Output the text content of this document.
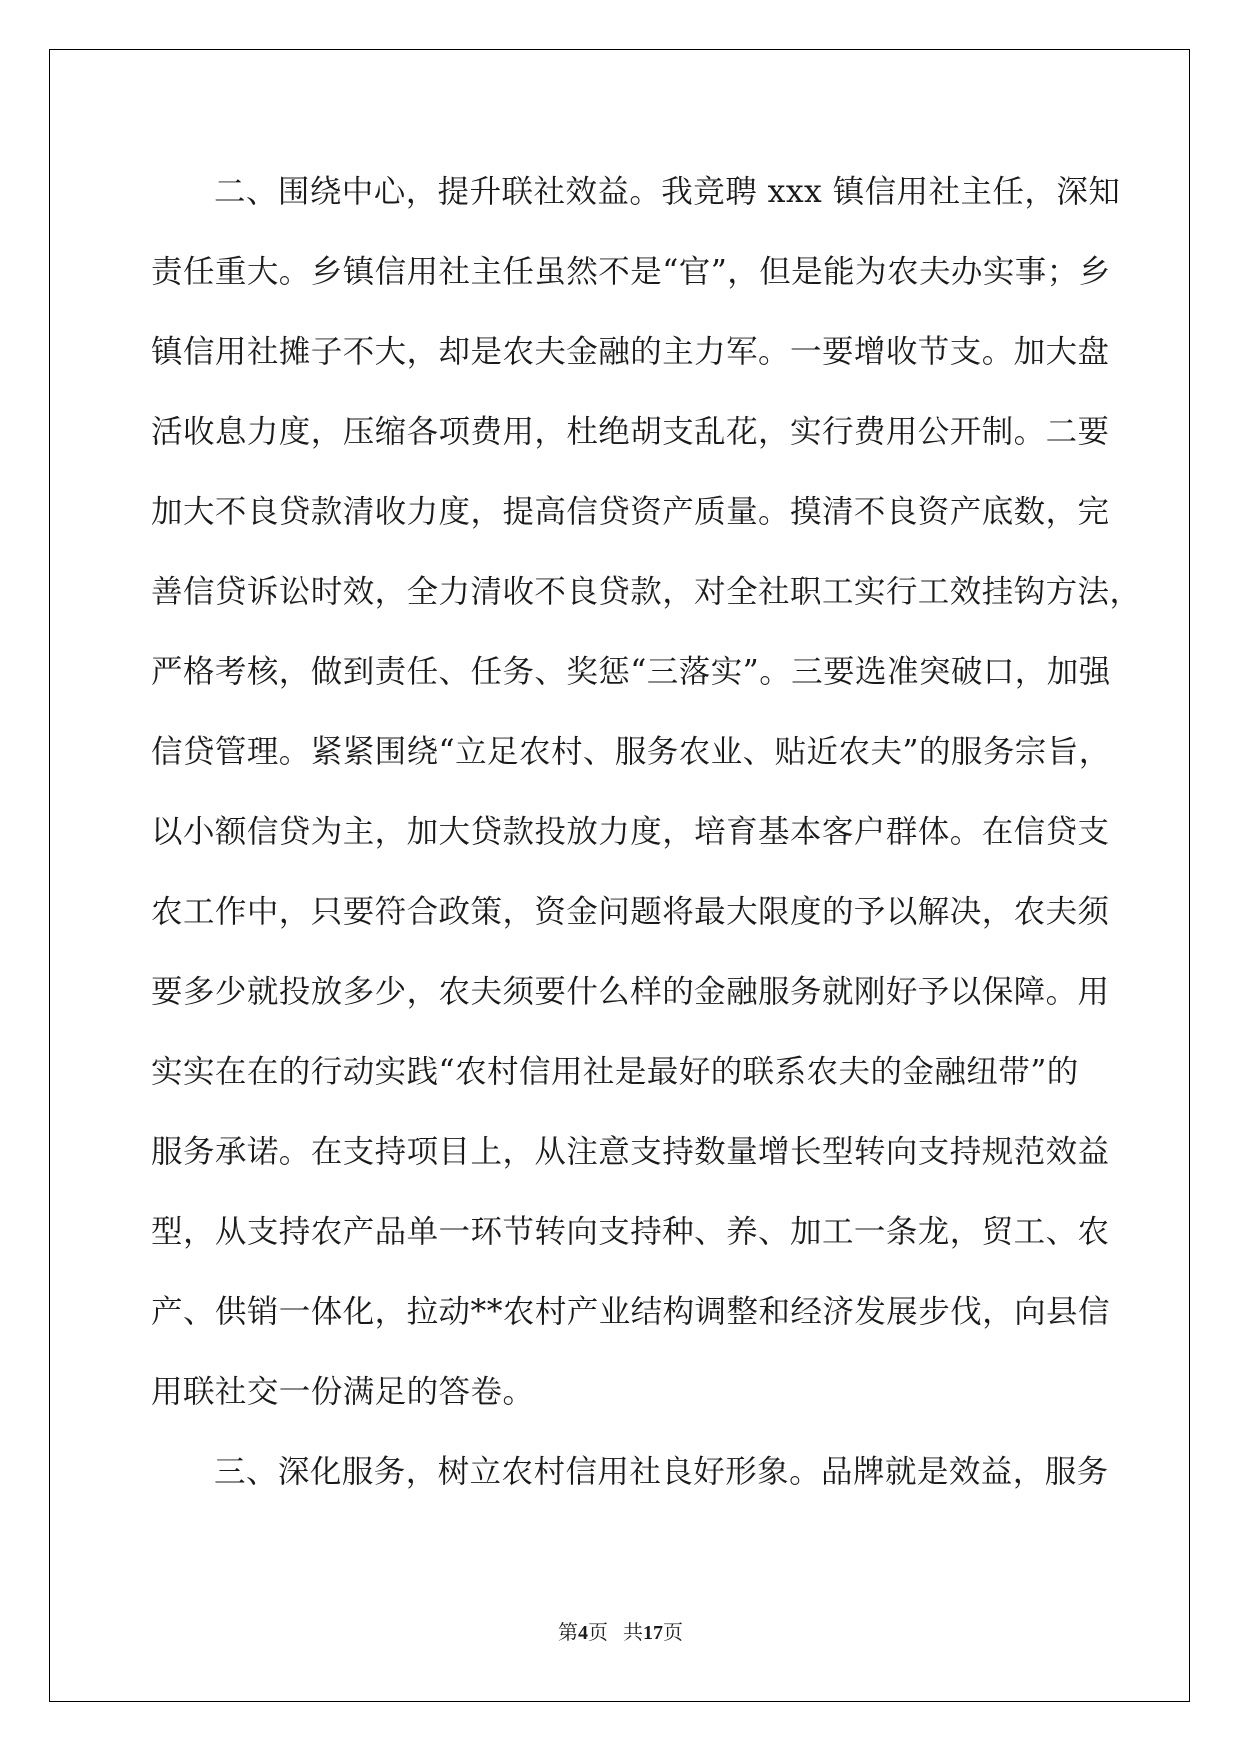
二、围绕中心，提升联社效益。我竞聘 xxx 镇信用社主任，深知
责任重大。乡镇信用社主任虽然不是“官”，但是能为农夫办实事；乡
镇信用社摊子不大，却是农夫金融的主力军。一要增收节支。加大盘
活收息力度，压缩各项费用，杜绝胡支乱花，实行费用公开制。二要
加大不良贷款清收力度，提高信贷资产质量。摸清不良资产底数，完
善信贷诉讼时效，全力清收不良贷款，对全社职工实行工效挂钩方法，
严格考核，做到责任、任务、奖惩“三落实”。三要选准突破口，加强
信贷管理。紧紧围绕“立足农村、服务农业、贴近农夫”的服务宗旨，
以小额信贷为主，加大贷款投放力度，培育基本客户群体。在信贷支
农工作中，只要符合政策，资金问题将最大限度的予以解决，农夫须
要多少就投放多少，农夫须要什么样的金融服务就刚好予以保障。用
实实在在的行动实践“农村信用社是最好的联系农夫的金融纽带”的
服务承诺。在支持项目上，从注意支持数量增长型转向支持规范效益
型，从支持农产品单一环节转向支持种、养、加工一条龙，贸工、农
产、供销一体化，拉动**农村产业结构调整和经济发展步伐，向县信
用联社交一份满足的答卷。
三、深化服务，树立农村信用社良好形象。品牌就是效益，服务
第4页 共17页
